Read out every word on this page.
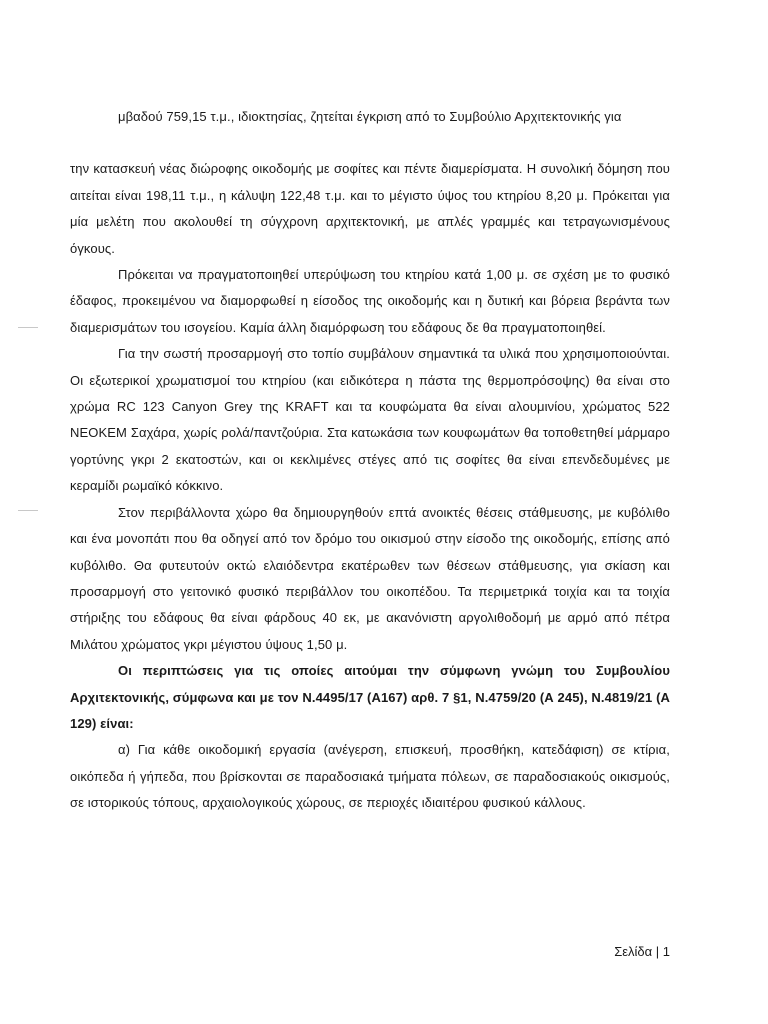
μβαδού 759,15 τ.μ., ιδιοκτησίας, ζητείται έγκριση από το Συμβούλιο Αρχιτεκτονικής για

την κατασκευή νέας διώροφης οικοδομής με σοφίτες και πέντε διαμερίσματα. Η συνολική δόμηση που αιτείται είναι 198,11 τ.μ., η κάλυψη 122,48 τ.μ. και το μέγιστο ύψος του κτηρίου 8,20 μ. Πρόκειται για μία μελέτη που ακολουθεί τη σύγχρονη αρχιτεκτονική, με απλές γραμμές και τετραγωνισμένους όγκους.

Πρόκειται να πραγματοποιηθεί υπερύψωση του κτηρίου κατά 1,00 μ. σε σχέση με το φυσικό έδαφος, προκειμένου να διαμορφωθεί η είσοδος της οικοδομής και η δυτική και βόρεια βεράντα των διαμερισμάτων του ισογείου. Καμία άλλη διαμόρφωση του εδάφους δε θα πραγματοποιηθεί.

Για την σωστή προσαρμογή στο τοπίο συμβάλουν σημαντικά τα υλικά που χρησιμοποιούνται. Οι εξωτερικοί χρωματισμοί του κτηρίου (και ειδικότερα η πάστα της θερμοπρόσοψης) θα είναι στο χρώμα RC 123 Canyon Grey της KRAFT και τα κουφώματα θα είναι αλουμινίου, χρώματος 522 ΝΕΟΚΕΜ Σαχάρα, χωρίς ρολά/παντζούρια. Στα κατωκάσια των κουφωμάτων θα τοποθετηθεί μάρμαρο γορτύνης γκρι 2 εκατοστών, και οι κεκλιμένες στέγες από τις σοφίτες θα είναι επενδεδυμένες με κεραμίδι ρωμαϊκό κόκκινο.

Στον περιβάλλοντα χώρο θα δημιουργηθούν επτά ανοικτές θέσεις στάθμευσης, με κυβόλιθο και ένα μονοπάτι που θα οδηγεί από τον δρόμο του οικισμού στην είσοδο της οικοδομής, επίσης από κυβόλιθο. Θα φυτευτούν οκτώ ελαιόδεντρα εκατέρωθεν των θέσεων στάθμευσης, για σκίαση και προσαρμογή στο γειτονικό φυσικό περιβάλλον του οικοπέδου. Τα περιμετρικά τοιχία και τα τοιχία στήριξης του εδάφους θα είναι φάρδους 40 εκ, με ακανόνιστη αργολιθοδομή με αρμό από πέτρα Μιλάτου χρώματος γκρι μέγιστου ύψους 1,50 μ.

Οι περιπτώσεις για τις οποίες αιτούμαι την σύμφωνη γνώμη του Συμβουλίου Αρχιτεκτονικής, σύμφωνα και με τον Ν.4495/17 (Α167) αρθ. 7 §1, Ν.4759/20 (Α 245), Ν.4819/21 (Α 129) είναι:

α) Για κάθε οικοδομική εργασία (ανέγερση, επισκευή, προσθήκη, κατεδάφιση) σε κτίρια, οικόπεδα ή γήπεδα, που βρίσκονται σε παραδοσιακά τμήματα πόλεων, σε παραδοσιακούς οικισμούς, σε ιστορικούς τόπους, αρχαιολογικούς χώρους, σε περιοχές ιδιαιτέρου φυσικού κάλλους.

Σελίδα | 1
